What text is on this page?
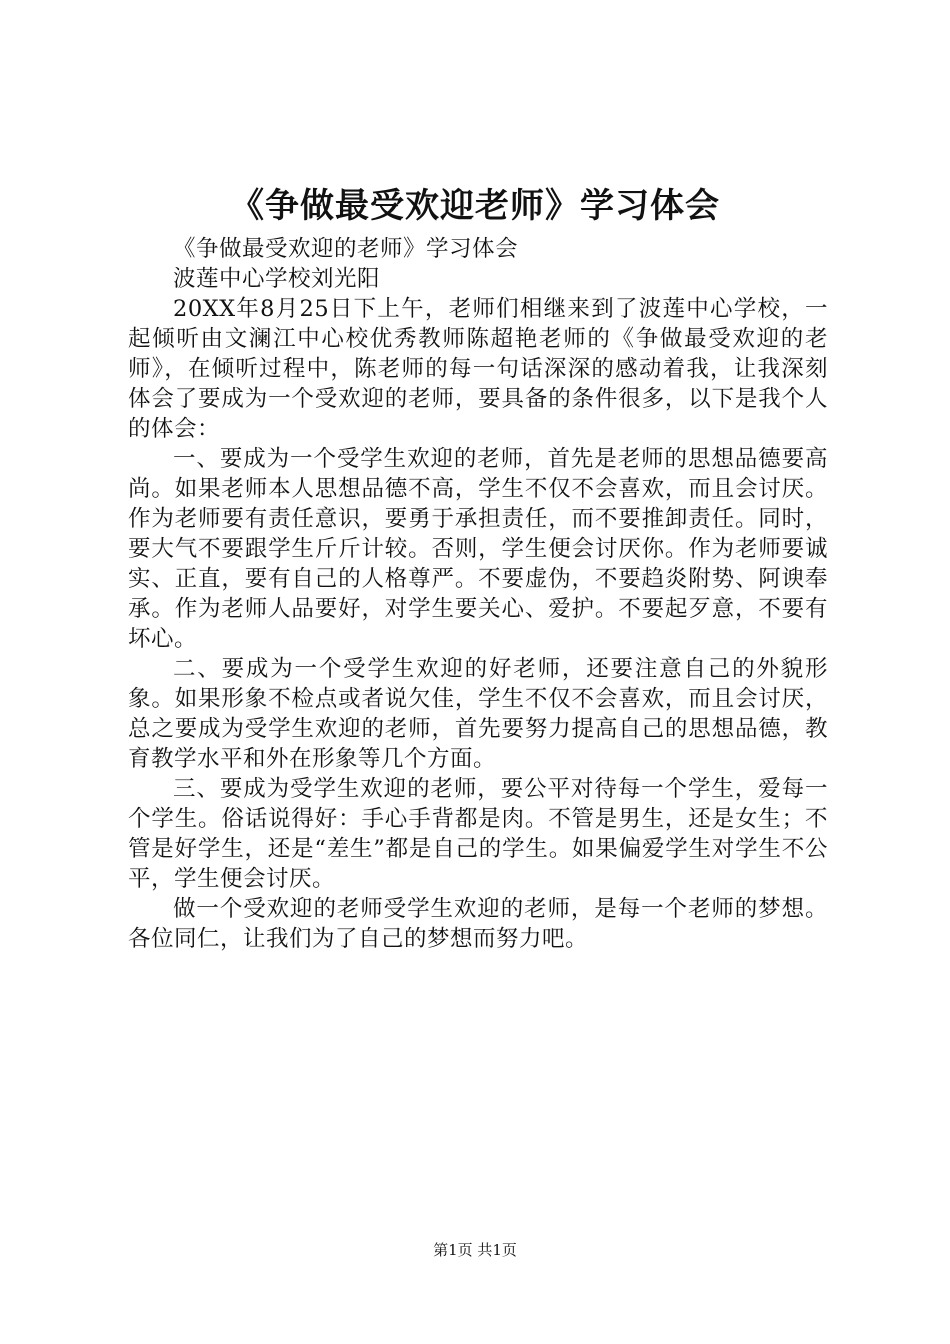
《争做最受欢迎老师》学习体会

《争做最受欢迎的老师》学习体会

波莲中心学校刘光阳

20XX年8月25日下上午，老师们相继来到了波莲中心学校，一起倾听由文澜江中心校优秀教师陈超艳老师的《争做最受欢迎的老师》，在倾听过程中，陈老师的每一句话深深的感动着我，让我深刻体会了要成为一个受欢迎的老师，要具备的条件很多，以下是我个人的体会：

一、要成为一个受学生欢迎的老师，首先是老师的思想品德要高尚。如果老师本人思想品德不高，学生不仅不会喜欢，而且会讨厌。作为老师要有责任意识，要勇于承担责任，而不要推卸责任。同时，要大气不要跟学生斤斤计较。否则，学生便会讨厌你。作为老师要诚实、正直，要有自己的人格尊严。不要虚伪，不要趋炎附势、阿谀奉承。作为老师人品要好，对学生要关心、爱护。不要起歹意，不要有坏心。

二、要成为一个受学生欢迎的好老师，还要注意自己的外貌形象。如果形象不检点或者说欠佳，学生不仅不会喜欢，而且会讨厌，总之要成为受学生欢迎的老师，首先要努力提高自己的思想品德，教育教学水平和外在形象等几个方面。

三、要成为受学生欢迎的老师，要公平对待每一个学生，爱每一个学生。俗话说得好：手心手背都是肉。不管是男生，还是女生；不管是好学生，还是“差生”都是自己的学生。如果偏爱学生对学生不公平，学生便会讨厌。

做一个受欢迎的老师受学生欢迎的老师，是每一个老师的梦想。各位同仁，让我们为了自己的梦想而努力吧。

第1页 共1页
